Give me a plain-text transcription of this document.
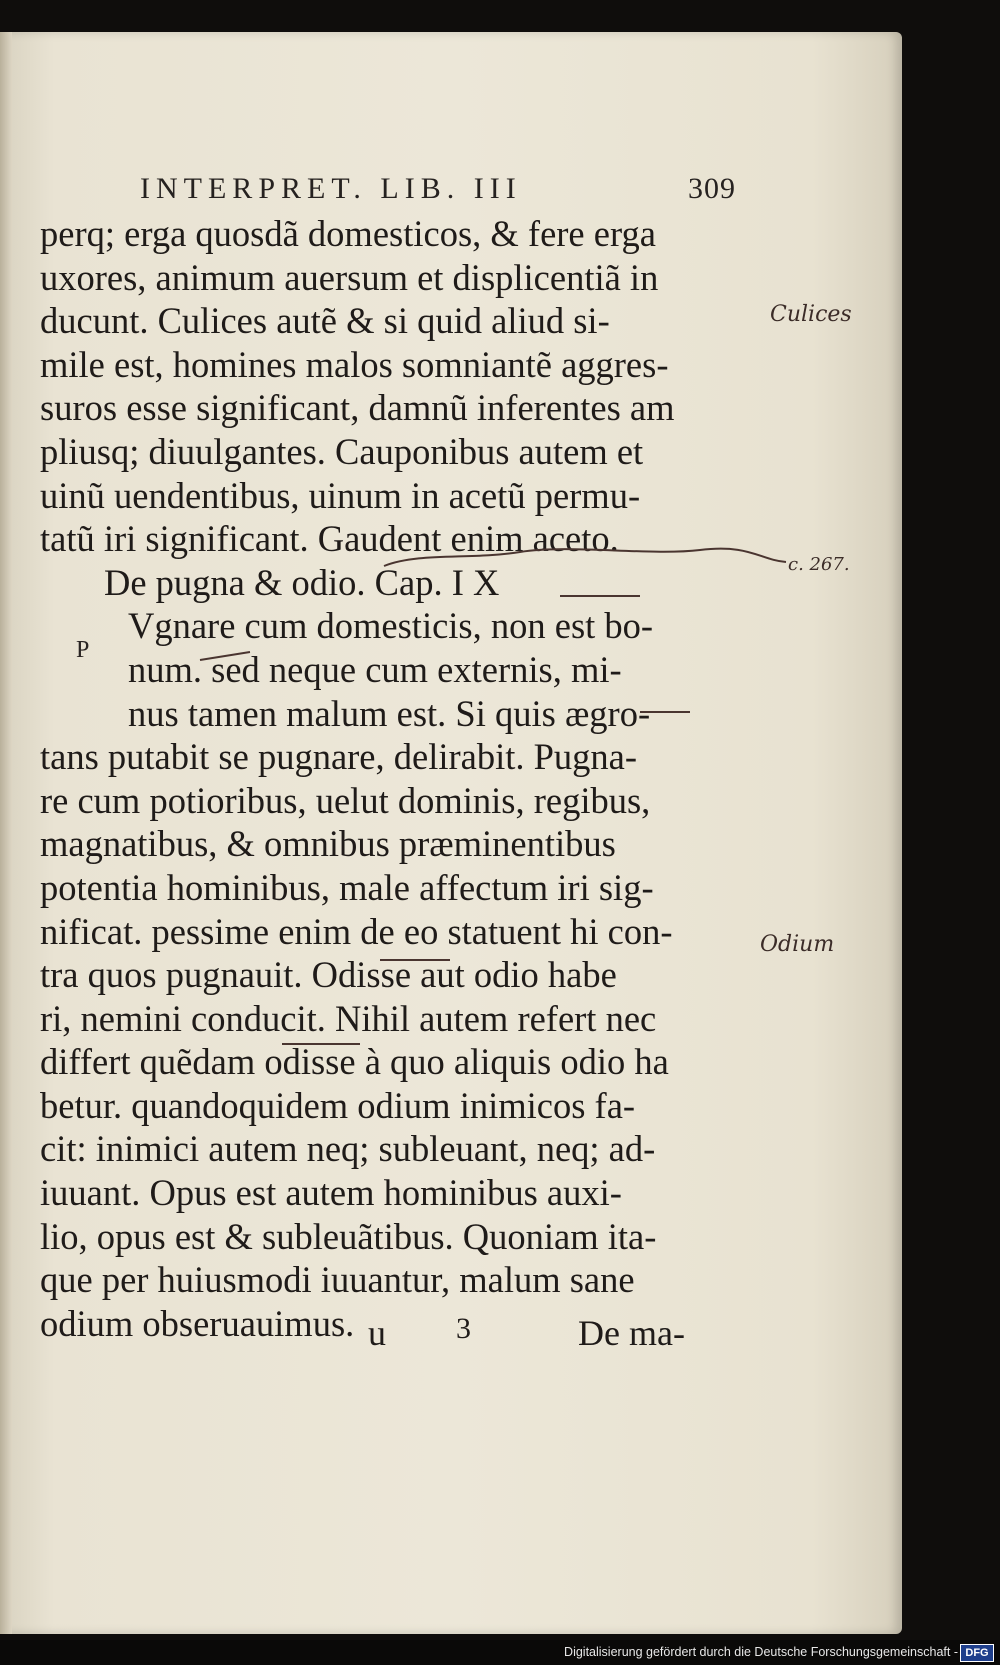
INTERPRET. LIB. III	309
perq; erga quosdã domesticos, & fere erga
uxores, animum auersum et displicentiã in
ducunt. Culices autẽ & si quid aliud si-
mile est, homines malos somniantẽ aggres-
suros esse significant, damnũ inferentes am
pliusq; diuulgantes. Cauponibus autem et
uinũ uendentibus, uinum in acetũ permu-
tatũ iri significant. Gaudent enim aceto.
De pugna & odio. Cap. I X
Vgnare cum domesticis, non est bo-
num. sed neque cum externis, mi-
nus tamen malum est. Si quis ægro-
tans putabit se pugnare, delirabit. Pugna-
re cum potioribus, uelut dominis, regibus,
magnatibus, & omnibus præminentibus
potentia hominibus, male affectum iri sig-
nificat. pessime enim de eo statuent hi con-
tra quos pugnauit. Odisse aut odio habe
ri, nemini conducit. Nihil autem refert nec
differt quẽdam odisse à quo aliquis odio ha
betur. quandoquidem odium inimicos fa-
cit: inimici autem neq; subleuant, neq; ad-
iuuant. Opus est autem hominibus auxi-
lio, opus est & subleuãtibus. Quoniam ita-
que per huiusmodi iuuantur, malum sane
odium obseruauimus.
P
u 3	De ma-
Culices
Odium
c. 267.
Digitalisierung gefördert durch die Deutsche Forschungsgemeinschaft - DFG
